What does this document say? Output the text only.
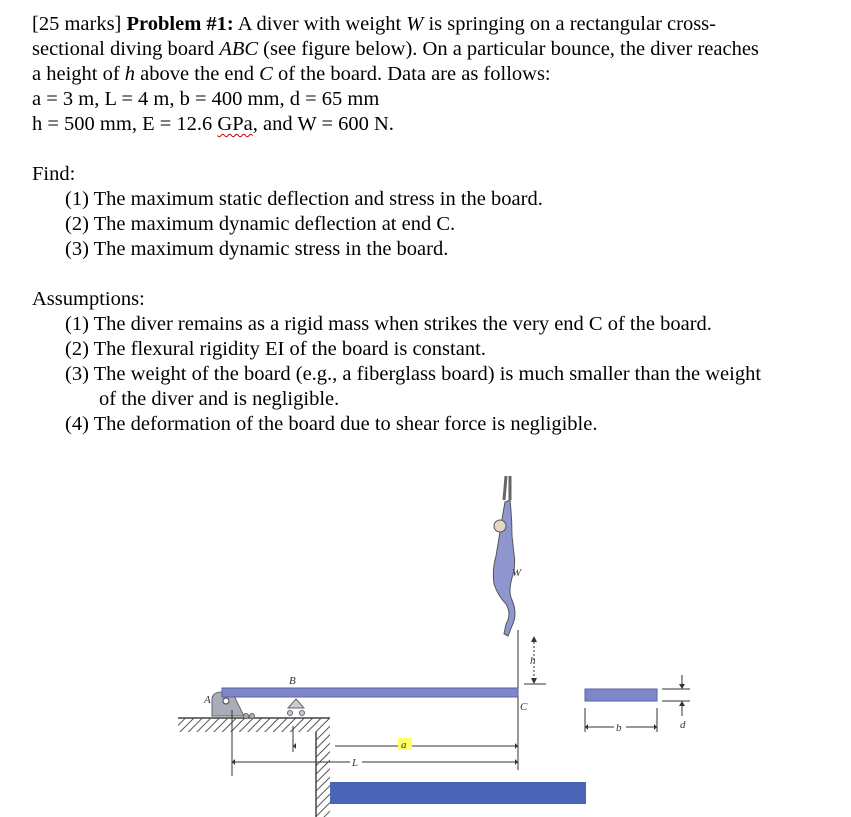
[25 marks] Problem #1: A diver with weight W is springing on a rectangular cross-
sectional diving board ABC (see figure below). On a particular bounce, the diver reaches
a height of h above the end C of the board. Data are as follows:
a = 3 m, L = 4 m, b = 400 mm, d = 65 mm
h = 500 mm, E = 12.6 GPa, and W = 600 N.
Find:
(1) The maximum static deflection and stress in the board.
(2) The maximum dynamic deflection at end C.
(3) The maximum dynamic stress in the board.
Assumptions:
(1) The diver remains as a rigid mass when strikes the very end C of the board.
(2) The flexural rigidity EI of the board is constant.
(3) The weight of the board (e.g., a fiberglass board) is much smaller than the weight
of the diver and is negligible.
(4) The deformation of the board due to shear force is negligible.
W
A
B
C
h
a
L
b	d
